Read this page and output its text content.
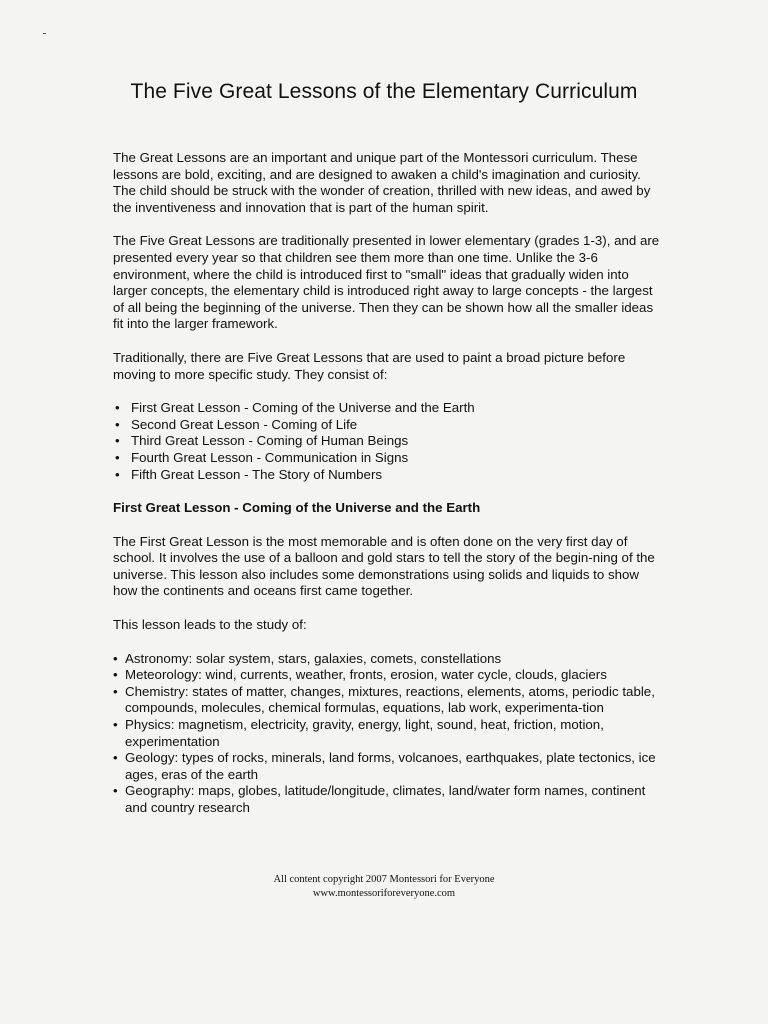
The Five Great Lessons of the Elementary Curriculum

The Great Lessons are an important and unique part of the Montessori curriculum. These lessons are bold, exciting, and are designed to awaken a child's imagination and curiosity. The child should be struck with the wonder of creation, thrilled with new ideas, and awed by the inventiveness and innovation that is part of the human spirit.

The Five Great Lessons are traditionally presented in lower elementary (grades 1-3), and are presented every year so that children see them more than one time. Unlike the 3-6 environment, where the child is introduced first to "small" ideas that gradually widen into larger concepts, the elementary child is introduced right away to large concepts - the largest of all being the beginning of the universe. Then they can be shown how all the smaller ideas fit into the larger framework.

Traditionally, there are Five Great Lessons that are used to paint a broad picture before moving to more specific study. They consist of:

• First Great Lesson - Coming of the Universe and the Earth
• Second Great Lesson - Coming of Life
• Third Great Lesson - Coming of Human Beings
• Fourth Great Lesson - Communication in Signs
• Fifth Great Lesson - The Story of Numbers
First Great Lesson - Coming of the Universe and the Earth

The First Great Lesson is the most memorable and is often done on the very first day of school. It involves the use of a balloon and gold stars to tell the story of the begin-ning of the universe. This lesson also includes some demonstrations using solids and liquids to show how the continents and oceans first came together.

This lesson leads to the study of:

• Astronomy: solar system, stars, galaxies, comets, constellations
• Meteorology: wind, currents, weather, fronts, erosion, water cycle, clouds, glaciers
• Chemistry: states of matter, changes, mixtures, reactions, elements, atoms, periodic table, compounds, molecules, chemical formulas, equations, lab work, experimenta-tion
• Physics: magnetism, electricity, gravity, energy, light, sound, heat, friction, motion, experimentation
• Geology: types of rocks, minerals, land forms, volcanoes, earthquakes, plate tectonics, ice ages, eras of the earth
• Geography: maps, globes, latitude/longitude, climates, land/water form names, continent and country research
All content copyright 2007 Montessori for Everyone
www.montessoriforeveryone.com
